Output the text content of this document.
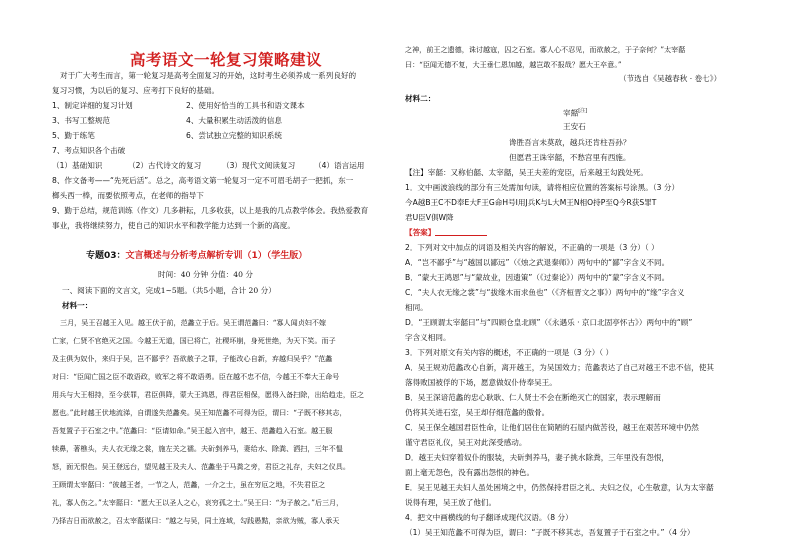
高考语文一轮复习策略建议
对于广大考生而言，第一轮复习是高考全面复习的开始，这时考生必须养成一系列良好的
复习习惯，为以后的复习、应考打下良好的基础。
1、制定详细的复习计划	2、使用好恰当的工具书和语文课本
3、书写工整规范	4、大量积累生动活泼的信息
5、勤于练笔	6、尝试独立完整的知识系统
7、考点知识各个击破
（1）基础知识	（2）古代诗文的复习	（3）现代文阅读复习 （4）语言运用
8、作文备考——“先死后活”。总之，高考语文第一轮复习一定不可眉毛胡子一把抓，东一
榔头西一棒，而要依照考点，在老师的指导下
9、勤于总结，规范训练（作文）几多耕耘，几多收获，以上是我的几点教学体会。我热爱教育
事业，我将继续努力，使自己的知识水平和教学能力达到一个新的高度。
专题03：文言概述与分析考点解析专训（1）（学生版）
时间：40 分钟 分值：40 分
一、阅读下面的文言文，完成1~5题。（共5小题，合计 20 分）
材料一：
三月，吴王召越王入见。越王伏于前，范蠡立于后。吴王谓范蠡曰：“寡人闻贞妇不嫁
亡家，仁贤不官绝灭之国。今越王无道，国已将亡，社稷坏崩，身死世绝，为天下笑。而子
及主俱为奴仆，来归于吴，岂不鄙乎？吾欲赦子之罪，子能改心自新，弃越归吴乎？”范蠡
对曰：“臣闻亡国之臣不敢语政，败军之将不敢语勇。臣在越不忠不信，今越王不奉大王命号
用兵与大王相持，至今获罪，君臣俱降，蒙大王鸿恩，得君臣相保，愿得入备扫除，出给趋走，臣之
愿也。”此时越王伏地流涕，自谓遂失范蠡矣。吴王知范蠡不可得为臣，谓曰：“子既不移其志，
吾复置子于石室之中。”范蠡曰：“臣请如命。”吴王起入宫中，越王、范蠡趋入石室。越王服
犊鼻，著樵头，夫人衣无缘之裳，施左关之襦。夫斫剉养马，妻给水、除粪、洒扫，三年不愠
怒，面无恨色。吴王登远台，望见越王及夫人、范蠡坐于马粪之旁，君臣之礼存，夫妇之仪具。
王顾谓太宰嚭曰：“彼越王者，一节之人，范蠡，一介之士，虽在穷厄之地，不失君臣之
礼，寡人伤之。”太宰嚭曰：“愿大王以圣人之心，哀穷孤之士。”吴王曰：“为子赦之。”后三月，
乃择吉日而欲赦之，召太宰嚭谋曰：“越之与吴，同土连域，勾践愚黠，亲欲为贼，寡人承天
之神，前王之遗德，诛讨越寇，囚之石室。寡人心不忍见，而欲赦之，于子奈何？”太宰嚭
曰：“臣闻无德不复，大王垂仁恩加越，越岂敢不报哉？愿大王卒意。”
（节选自《吴越春秋 · 卷七》）
材料二：
宰嚭[注]
王安石
谗胜吾言未莫敌，越兵还肯柱吾孙？
但愿君王诛宰嚭，不愁宫里有西施。
【注】宰嚭：又称伯嚭、太宰嚭，吴王夫差的宠臣，后来越王勾践处死。
1．文中画波浪线的部分有三处需加句读，请将相应位置的答案标号涂黑。（3 分）
今A越B王C不D奉E大F王G命H号I用J兵K与L大M王N相O持P至Q今R获S罪T
君U臣V俱W降
【答案】
2．下列对文中加点的词语及相关内容的解说，不正确的一项是（3 分）（ ）
A．“岂不鄙乎”与“越国以鄙远”（《烛之武退秦师》）两句中的“鄙”字含义不同。
B．“蒙大王鸿恩”与“蒙故业，因遗策”（《过秦论》）两句中的“蒙”字含义不同。
C．“夫人衣无缘之裳”与“拔缘木而求鱼也”（《齐桓晋文之事》）两句中的“缘”字含义
相同。
D．“王顾谓太宰嚭曰”与“四顾仓皇北顾”（《永遇乐 · 京口北固亭怀古》）两句中的“顾”
字含义相同。
3．下列对原文有关内容的概述，不正确的一项是（3 分）（ ）
A．吴王规劝范蠡改心自新，离开越王，为吴国效力；范蠡表达了自己对越王不忠不信，使其
落得败国被俘的下场，愿意做奴仆侍奉吴王。
B．吴王深谙范蠡的忠心耿耿、仁人贤士不会在断绝灭亡的国家，表示理解而
仍将其关进石室，吴王却仔细范蠡的傲骨。
C．吴王保全越国君臣性命，让他们居住在简陋的石屋内做苦役，越王在艰苦环境中仍然
谨守君臣礼仪，吴王对此深受感动。
D．越王夫妇穿着奴仆的服装，夫斫剉养马，妻子挑水除粪，三年里没有怨恨，
面上毫无怨色，没有露出怨恨的神色。
E．吴王见越王夫妇人虽处困境之中，仍然保持君臣之礼、夫妇之仪，心生敬意，认为太宰嚭
说得有理，吴王放了他们。
4．把文中画横线的句子翻译成现代汉语。（8 分）
（1）吴王知范蠡不可得为臣，谓曰：“子既不移其志，吾复置子于石室之中。”（4 分）
